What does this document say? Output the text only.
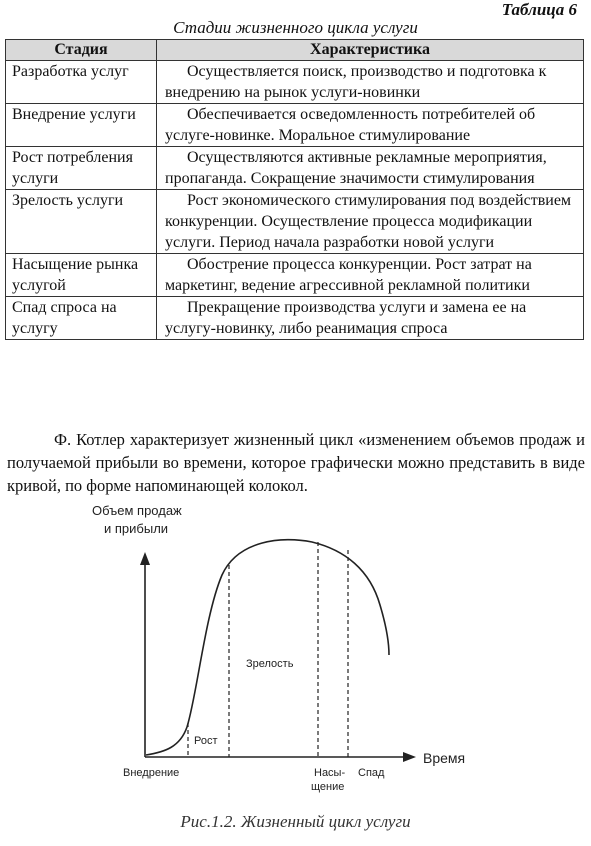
Таблица 6
Стадии жизненного цикла услуги
Стадия	Характеристика
Разработка услуг	Осуществляется поиск, производство и подготовка к внедрению на рынок услуги-новинки
Внедрение услуги	Обеспечивается осведомленность потребителей об услуге-новинке. Моральное стимулирование
Рост потребления услуги	Осуществляются активные рекламные мероприятия, пропаганда. Сокращение значимости стимулирования
Зрелость услуги	Рост экономического стимулирования под воздействием конкуренции. Осуществление процесса модификации услуги. Период начала разработки новой услуги
Насыщение рынка услугой	Обострение процесса конкуренции. Рост затрат на маркетинг, ведение агрессивной рекламной политики
Спад спроса на услугу	Прекращение производства услуги и замена ее на услугу-новинку, либо реанимация спроса
Ф. Котлер характеризует жизненный цикл «изменением объемов продаж и получаемой прибыли во времени, которое графически можно представить в виде кривой, по форме напоминающей колокол.
Объем продаж
и прибыли
Время
Внедрение
Рост
Зрелость
Насы-
щение
Спад
Рис.1.2. Жизненный цикл услуги
